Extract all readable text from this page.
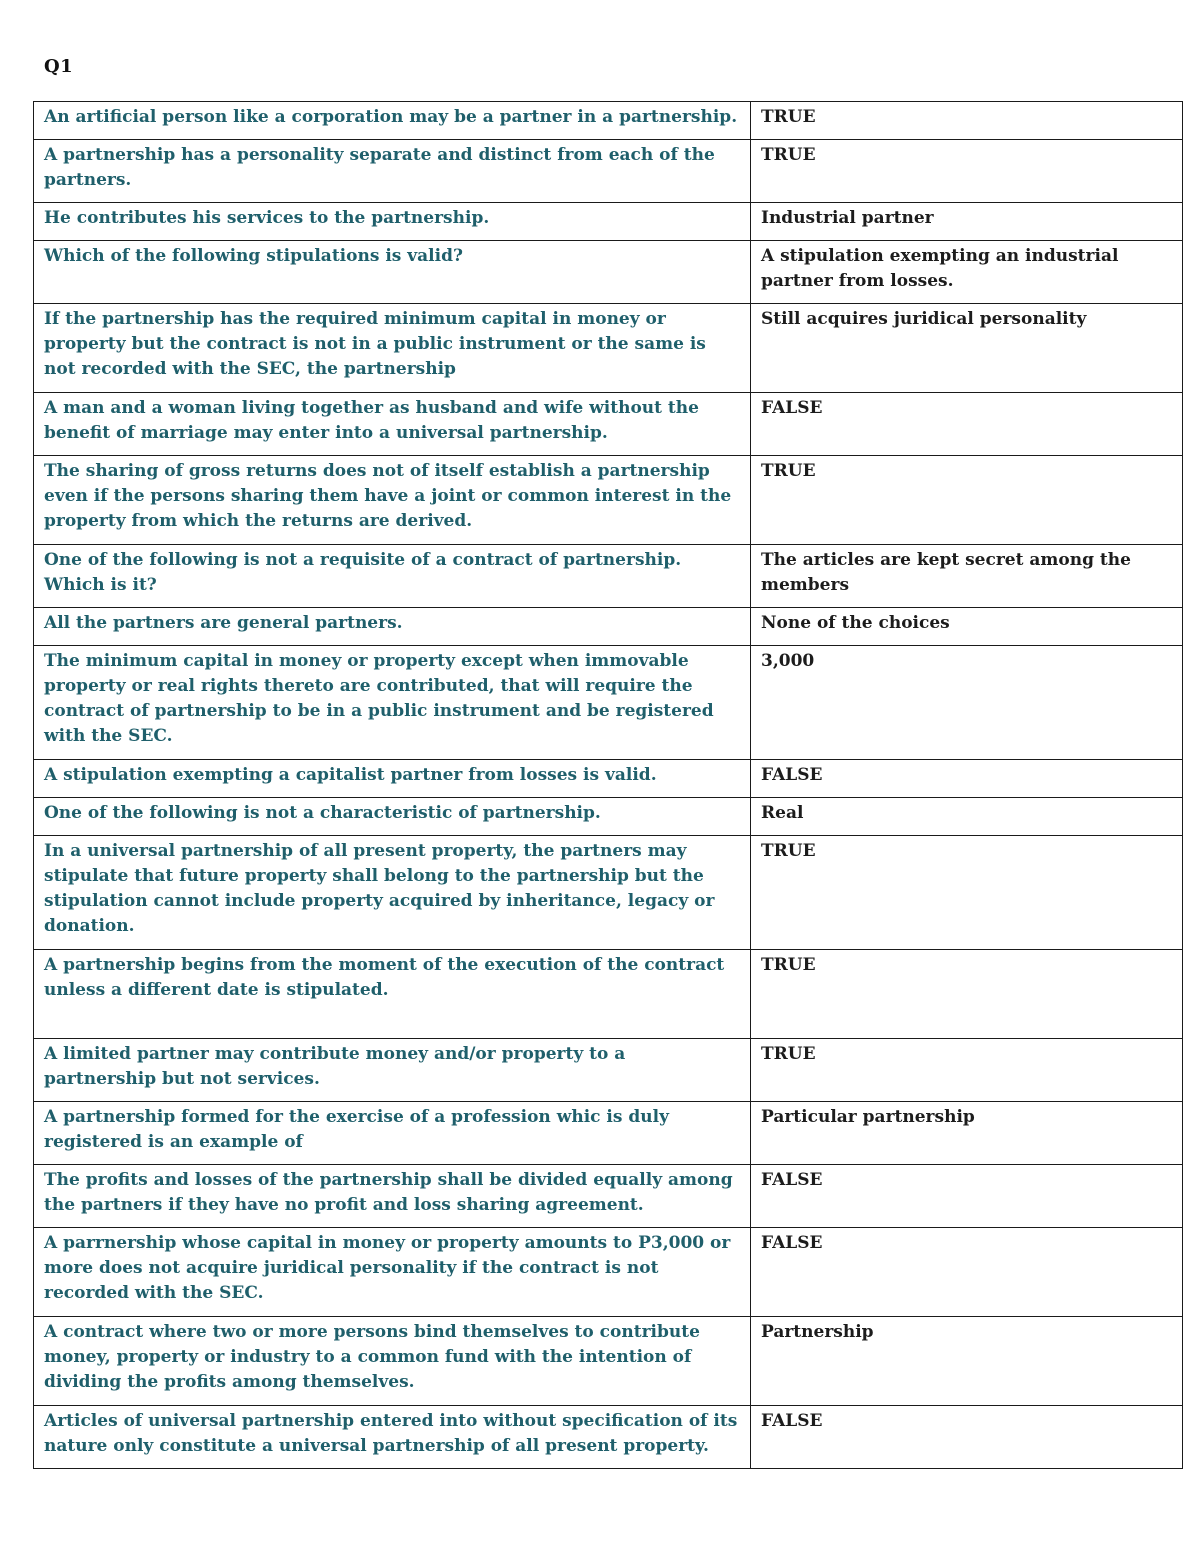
Q1
An artificial person like a corporation may be a partner in a partnership.	TRUE
A partnership has a personality separate and distinct from each of the partners.	TRUE
He contributes his services to the partnership.	Industrial partner
Which of the following stipulations is valid?	A stipulation exempting an industrial partner from losses.
If the partnership has the required minimum capital in money or property but the contract is not in a public instrument or the same is not recorded with the SEC, the partnership	Still acquires juridical personality
A man and a woman living together as husband and wife without the benefit of marriage may enter into a universal partnership.	FALSE
The sharing of gross returns does not of itself establish a partnership even if the persons sharing them have a joint or common interest in the property from which the returns are derived.	TRUE
One of the following is not a requisite of a contract of partnership. Which is it?	The articles are kept secret among the members
All the partners are general partners.	None of the choices
The minimum capital in money or property except when immovable property or real rights thereto are contributed, that will require the contract of partnership to be in a public instrument and be registered with the SEC.	3,000
A stipulation exempting a capitalist partner from losses is valid.	FALSE
One of the following is not a characteristic of partnership.	Real
In a universal partnership of all present property, the partners may stipulate that future property shall belong to the partnership but the stipulation cannot include property acquired by inheritance, legacy or donation.	TRUE
A partnership begins from the moment of the execution of the contract unless a different date is stipulated.	TRUE
A limited partner may contribute money and/or property to a partnership but not services.	TRUE
A partnership formed for the exercise of a profession whic is duly registered is an example of	Particular partnership
The profits and losses of the partnership shall be divided equally among the partners if they have no profit and loss sharing agreement.	FALSE
A parrnership whose capital in money or property amounts to P3,000 or more does not acquire juridical personality if the contract is not recorded with the SEC.	FALSE
A contract where two or more persons bind themselves to contribute money, property or industry to a common fund with the intention of dividing the profits among themselves.	Partnership
Articles of universal partnership entered into without specification of its nature only constitute a universal partnership of all present property.	FALSE
